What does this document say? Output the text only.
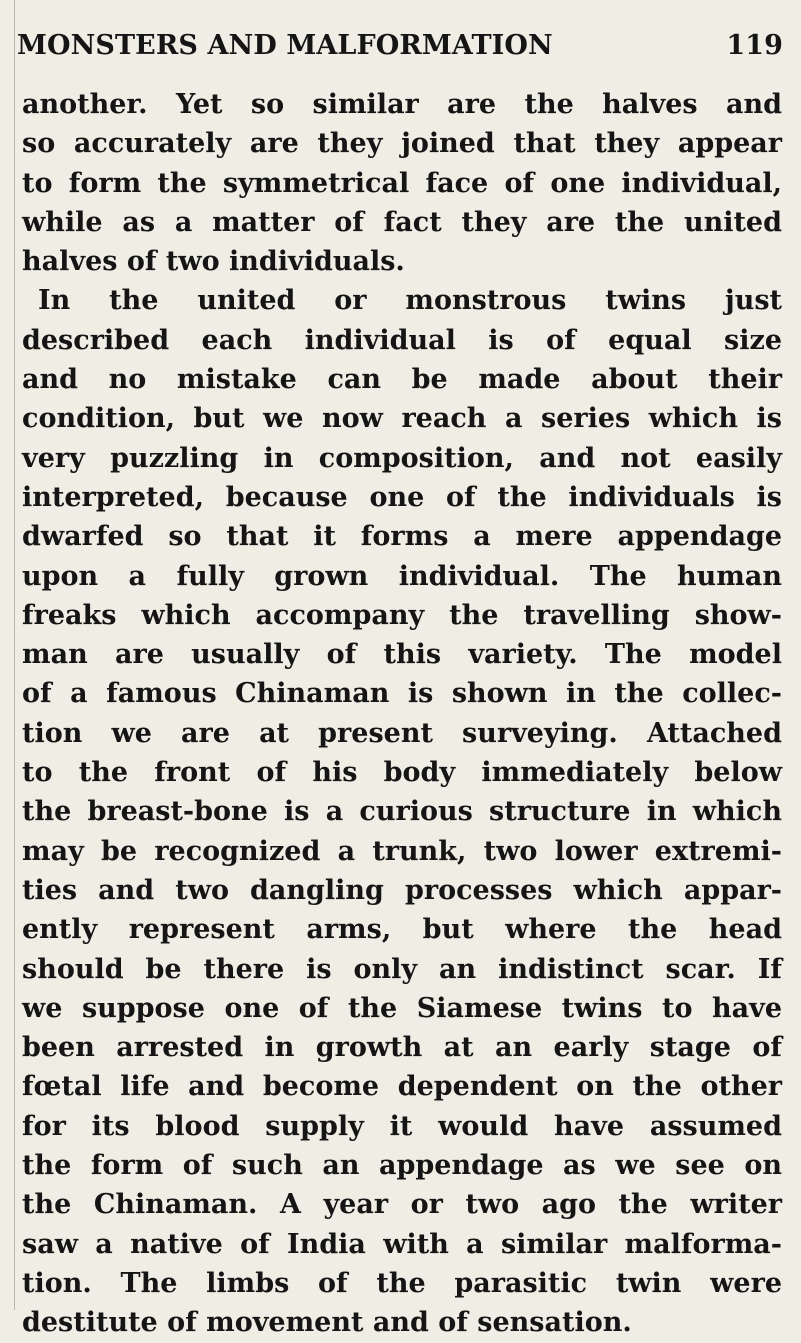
MONSTERS AND MALFORMATION	119
another. Yet so similar are the halves and
so accurately are they joined that they appear
to form the symmetrical face of one individual,
while as a matter of fact they are the united
halves of two individuals.
In the united or monstrous twins just
described each individual is of equal size
and no mistake can be made about their
condition, but we now reach a series which is
very puzzling in composition, and not easily
interpreted, because one of the individuals is
dwarfed so that it forms a mere appendage
upon a fully grown individual. The human
freaks which accompany the travelling show-
man are usually of this variety. The model
of a famous Chinaman is shown in the collec-
tion we are at present surveying. Attached
to the front of his body immediately below
the breast-bone is a curious structure in which
may be recognized a trunk, two lower extremi-
ties and two dangling processes which appar-
ently represent arms, but where the head
should be there is only an indistinct scar. If
we suppose one of the Siamese twins to have
been arrested in growth at an early stage of
fœtal life and become dependent on the other
for its blood supply it would have assumed
the form of such an appendage as we see on
the Chinaman. A year or two ago the writer
saw a native of India with a similar malforma-
tion. The limbs of the parasitic twin were
destitute of movement and of sensation.
